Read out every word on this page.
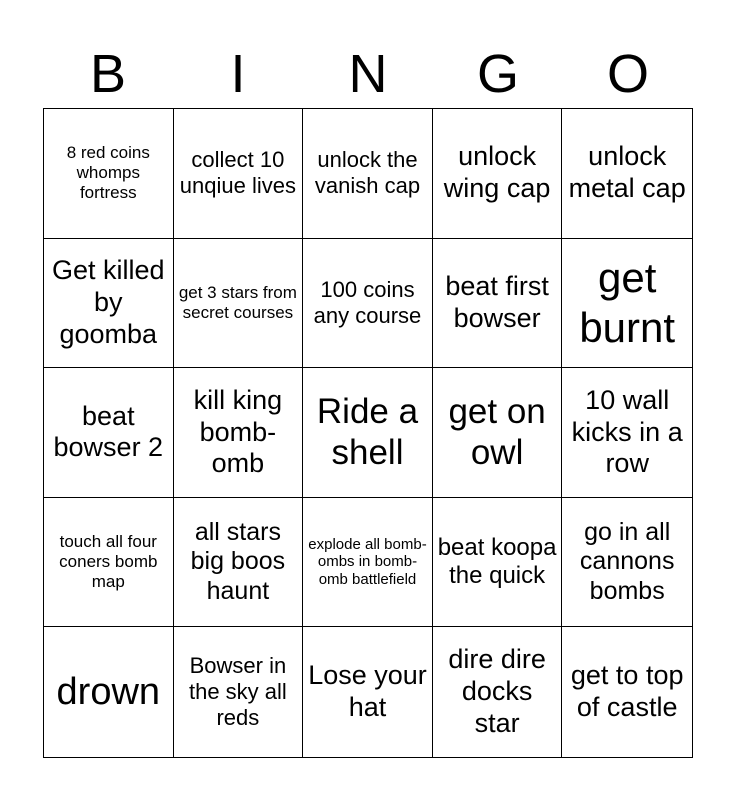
B	I	N	G	O
8 red coins whomps fortress
collect 10 unqiue lives
unlock the vanish cap
unlock wing cap
unlock metal cap
Get killed by goomba
get 3 stars from secret courses
100 coins any course
beat first bowser
get burnt
beat bowser 2
kill king bomb-omb
Ride a shell
get on owl
10 wall kicks in a row
touch all four coners bomb map
all stars big boos haunt
explode all bomb-ombs in bomb-omb battlefield
beat koopa the quick
go in all cannons bombs
drown
Bowser in the sky all reds
Lose your hat
dire dire docks star
get to top of castle
